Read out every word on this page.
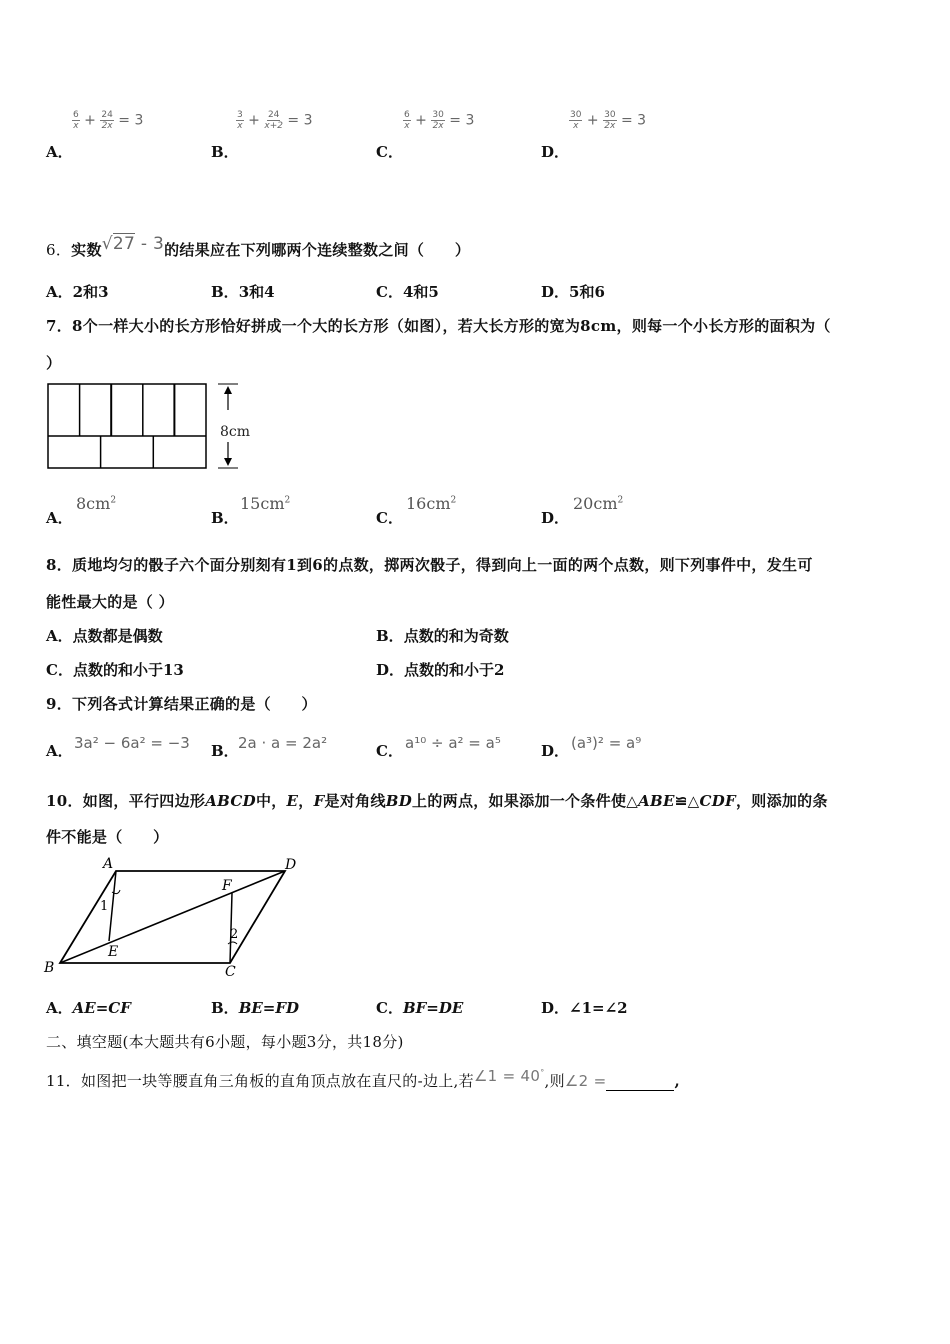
A．
$\frac{6}{x} + \frac{24}{2x} = 3$
B．
$\frac{3}{x} + \frac{24}{x+2} = 3$
C．
$\frac{6}{x} + \frac{30}{2x} = 3$
D．
$\frac{30}{x} + \frac{30}{2x} = 3$
6．实数√27 - 3的结果应在下列哪两个连续整数之间（　　）
A．2和3	B．3和4	C．4和5	D．5和6
7．8个一样大小的长方形恰好拼成一个大的长方形（如图），若大长方形的宽为8cm，则每一个小长方形的面积为（
）
8cm
A．
$8cm^2$
B．
$15cm^2$
C．
$16cm^2$
D．
$20cm^2$
8．质地均匀的骰子六个面分别刻有1到6的点数，掷两次骰子，得到向上一面的两个点数，则下列事件中，发生可
能性最大的是（ ）
A．点数都是偶数	B．点数的和为奇数
C．点数的和小于13	D．点数的和小于2
9．下列各式计算结果正确的是（　　）
A． 3a² − 6a² = −3 B． 2a · a = 2a²	C． a¹⁰ ÷ a² = a⁵	D． (a³)² = a⁹
10．如图，平行四边形ABCD中，E，F是对角线BD上的两点，如果添加一个条件使△ABE≌△CDF，则添加的条
件不能是（　　）
A	D
B	C
E
F
1
2
A．AE=CF	B．BE=FD	C．BF=DE	D．∠1=∠2
二、填空题(本大题共有6小题，每小题3分，共18分)
11．如图把一块等腰直角三角板的直角顶点放在直尺的-边上,若∠1 = 40°,则∠2 =	,
